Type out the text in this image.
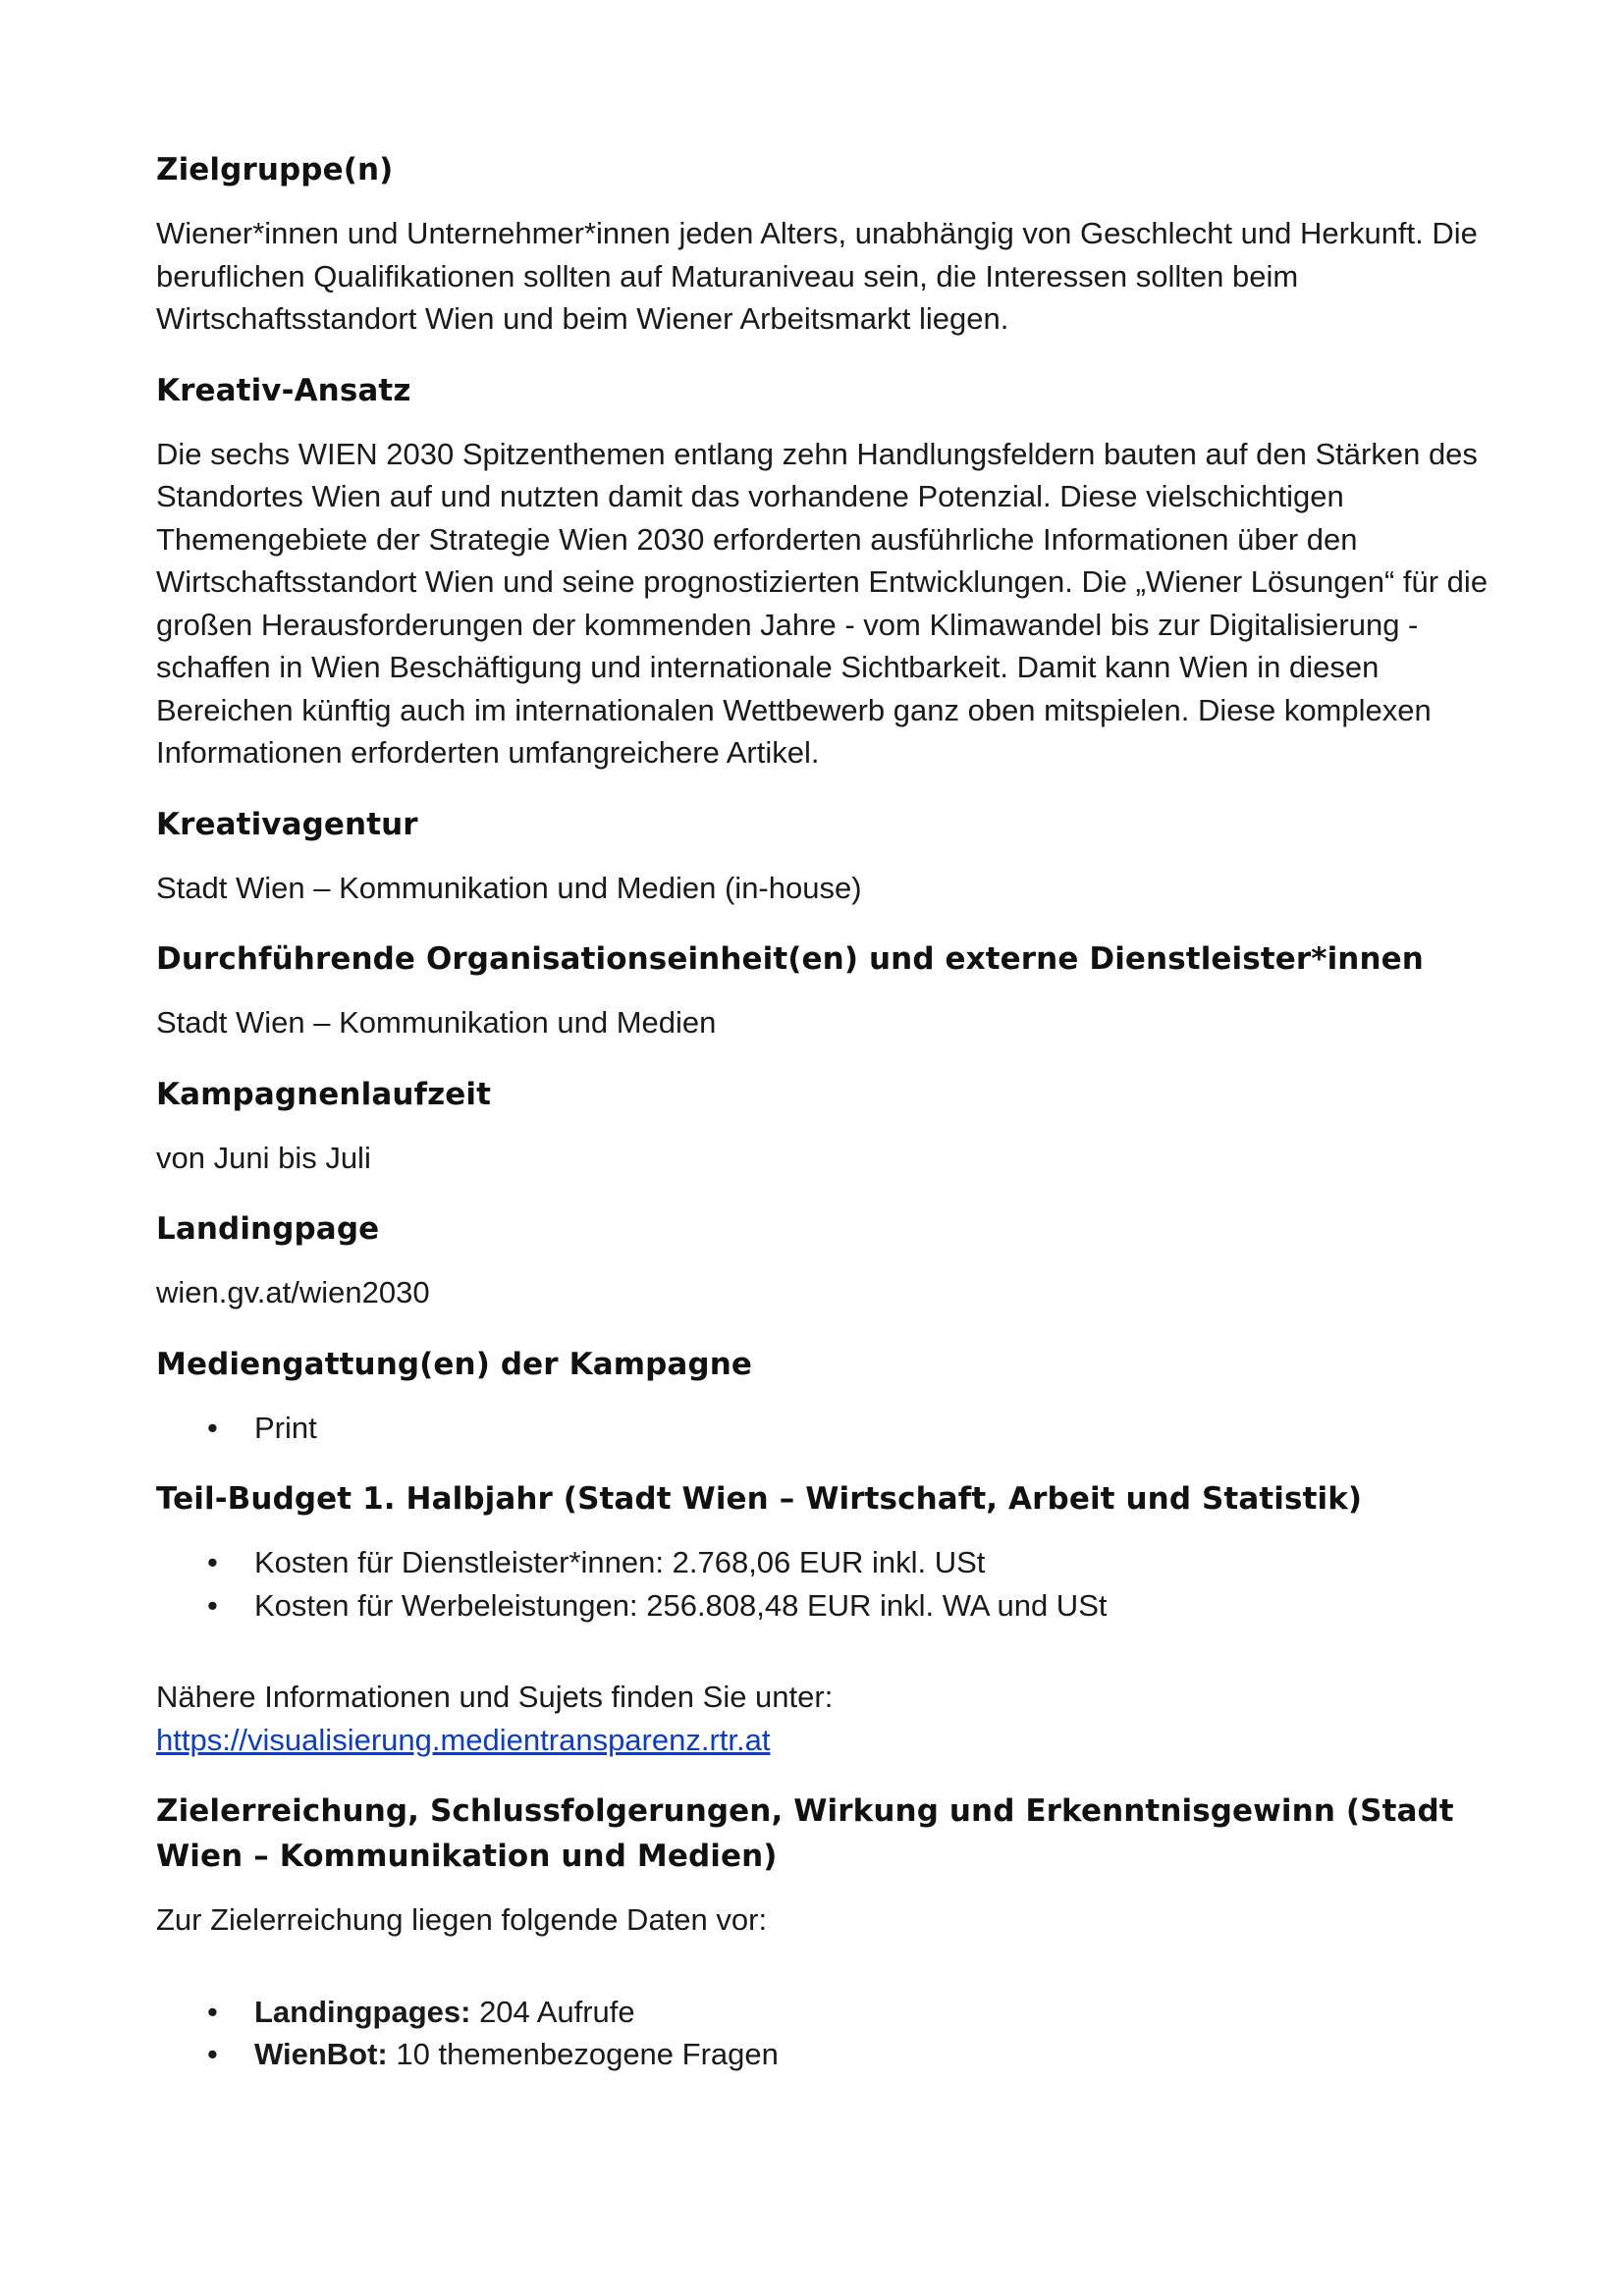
Zielgruppe(n)

Wiener*innen und Unternehmer*innen jeden Alters, unabhängig von Geschlecht und Herkunft. Die beruflichen Qualifikationen sollten auf Maturaniveau sein, die Interessen sollten beim Wirtschaftsstandort Wien und beim Wiener Arbeitsmarkt liegen.

Kreativ-Ansatz

Die sechs WIEN 2030 Spitzenthemen entlang zehn Handlungsfeldern bauten auf den Stärken des Standortes Wien auf und nutzten damit das vorhandene Potenzial. Diese vielschichtigen Themengebiete der Strategie Wien 2030 erforderten ausführliche Informationen über den Wirtschaftsstandort Wien und seine prognostizierten Entwicklungen. Die „Wiener Lösungen“ für die großen Herausforderungen der kommenden Jahre - vom Klimawandel bis zur Digitalisierung - schaffen in Wien Beschäftigung und internationale Sichtbarkeit. Damit kann Wien in diesen Bereichen künftig auch im internationalen Wettbewerb ganz oben mitspielen. Diese komplexen Informationen erforderten umfangreichere Artikel.

Kreativagentur

Stadt Wien – Kommunikation und Medien (in-house)

Durchführende Organisationseinheit(en) und externe Dienstleister*innen

Stadt Wien – Kommunikation und Medien

Kampagnenlaufzeit

von Juni bis Juli

Landingpage

wien.gv.at/wien2030

Mediengattung(en) der Kampagne
• Print
Teil-Budget 1. Halbjahr (Stadt Wien – Wirtschaft, Arbeit und Statistik)
• Kosten für Dienstleister*innen: 2.768,06 EUR inkl. USt
• Kosten für Werbeleistungen: 256.808,48 EUR inkl. WA und USt

Nähere Informationen und Sujets finden Sie unter:

https://visualisierung.medientransparenz.rtr.at

Zielerreichung, Schlussfolgerungen, Wirkung und Erkenntnisgewinn (Stadt Wien – Kommunikation und Medien)

Zur Zielerreichung liegen folgende Daten vor:

• Landingpages: 204 Aufrufe
• WienBot: 10 themenbezogene Fragen
